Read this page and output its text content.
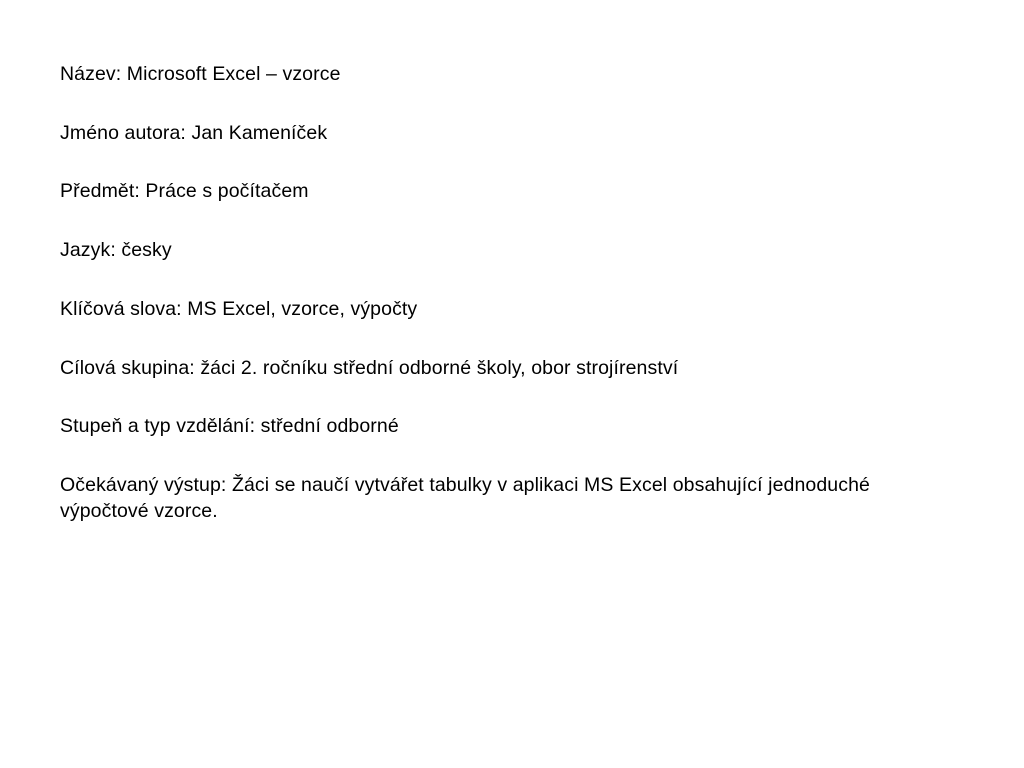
Název: Microsoft Excel – vzorce

Jméno autora: Jan Kameníček

Předmět: Práce s počítačem

Jazyk: česky

Klíčová slova: MS Excel, vzorce, výpočty

Cílová skupina: žáci 2. ročníku střední odborné školy, obor strojírenství

Stupeň a typ vzdělání: střední odborné

Očekávaný výstup: Žáci se naučí vytvářet tabulky v aplikaci MS Excel obsahující jednoduché výpočtové vzorce.
